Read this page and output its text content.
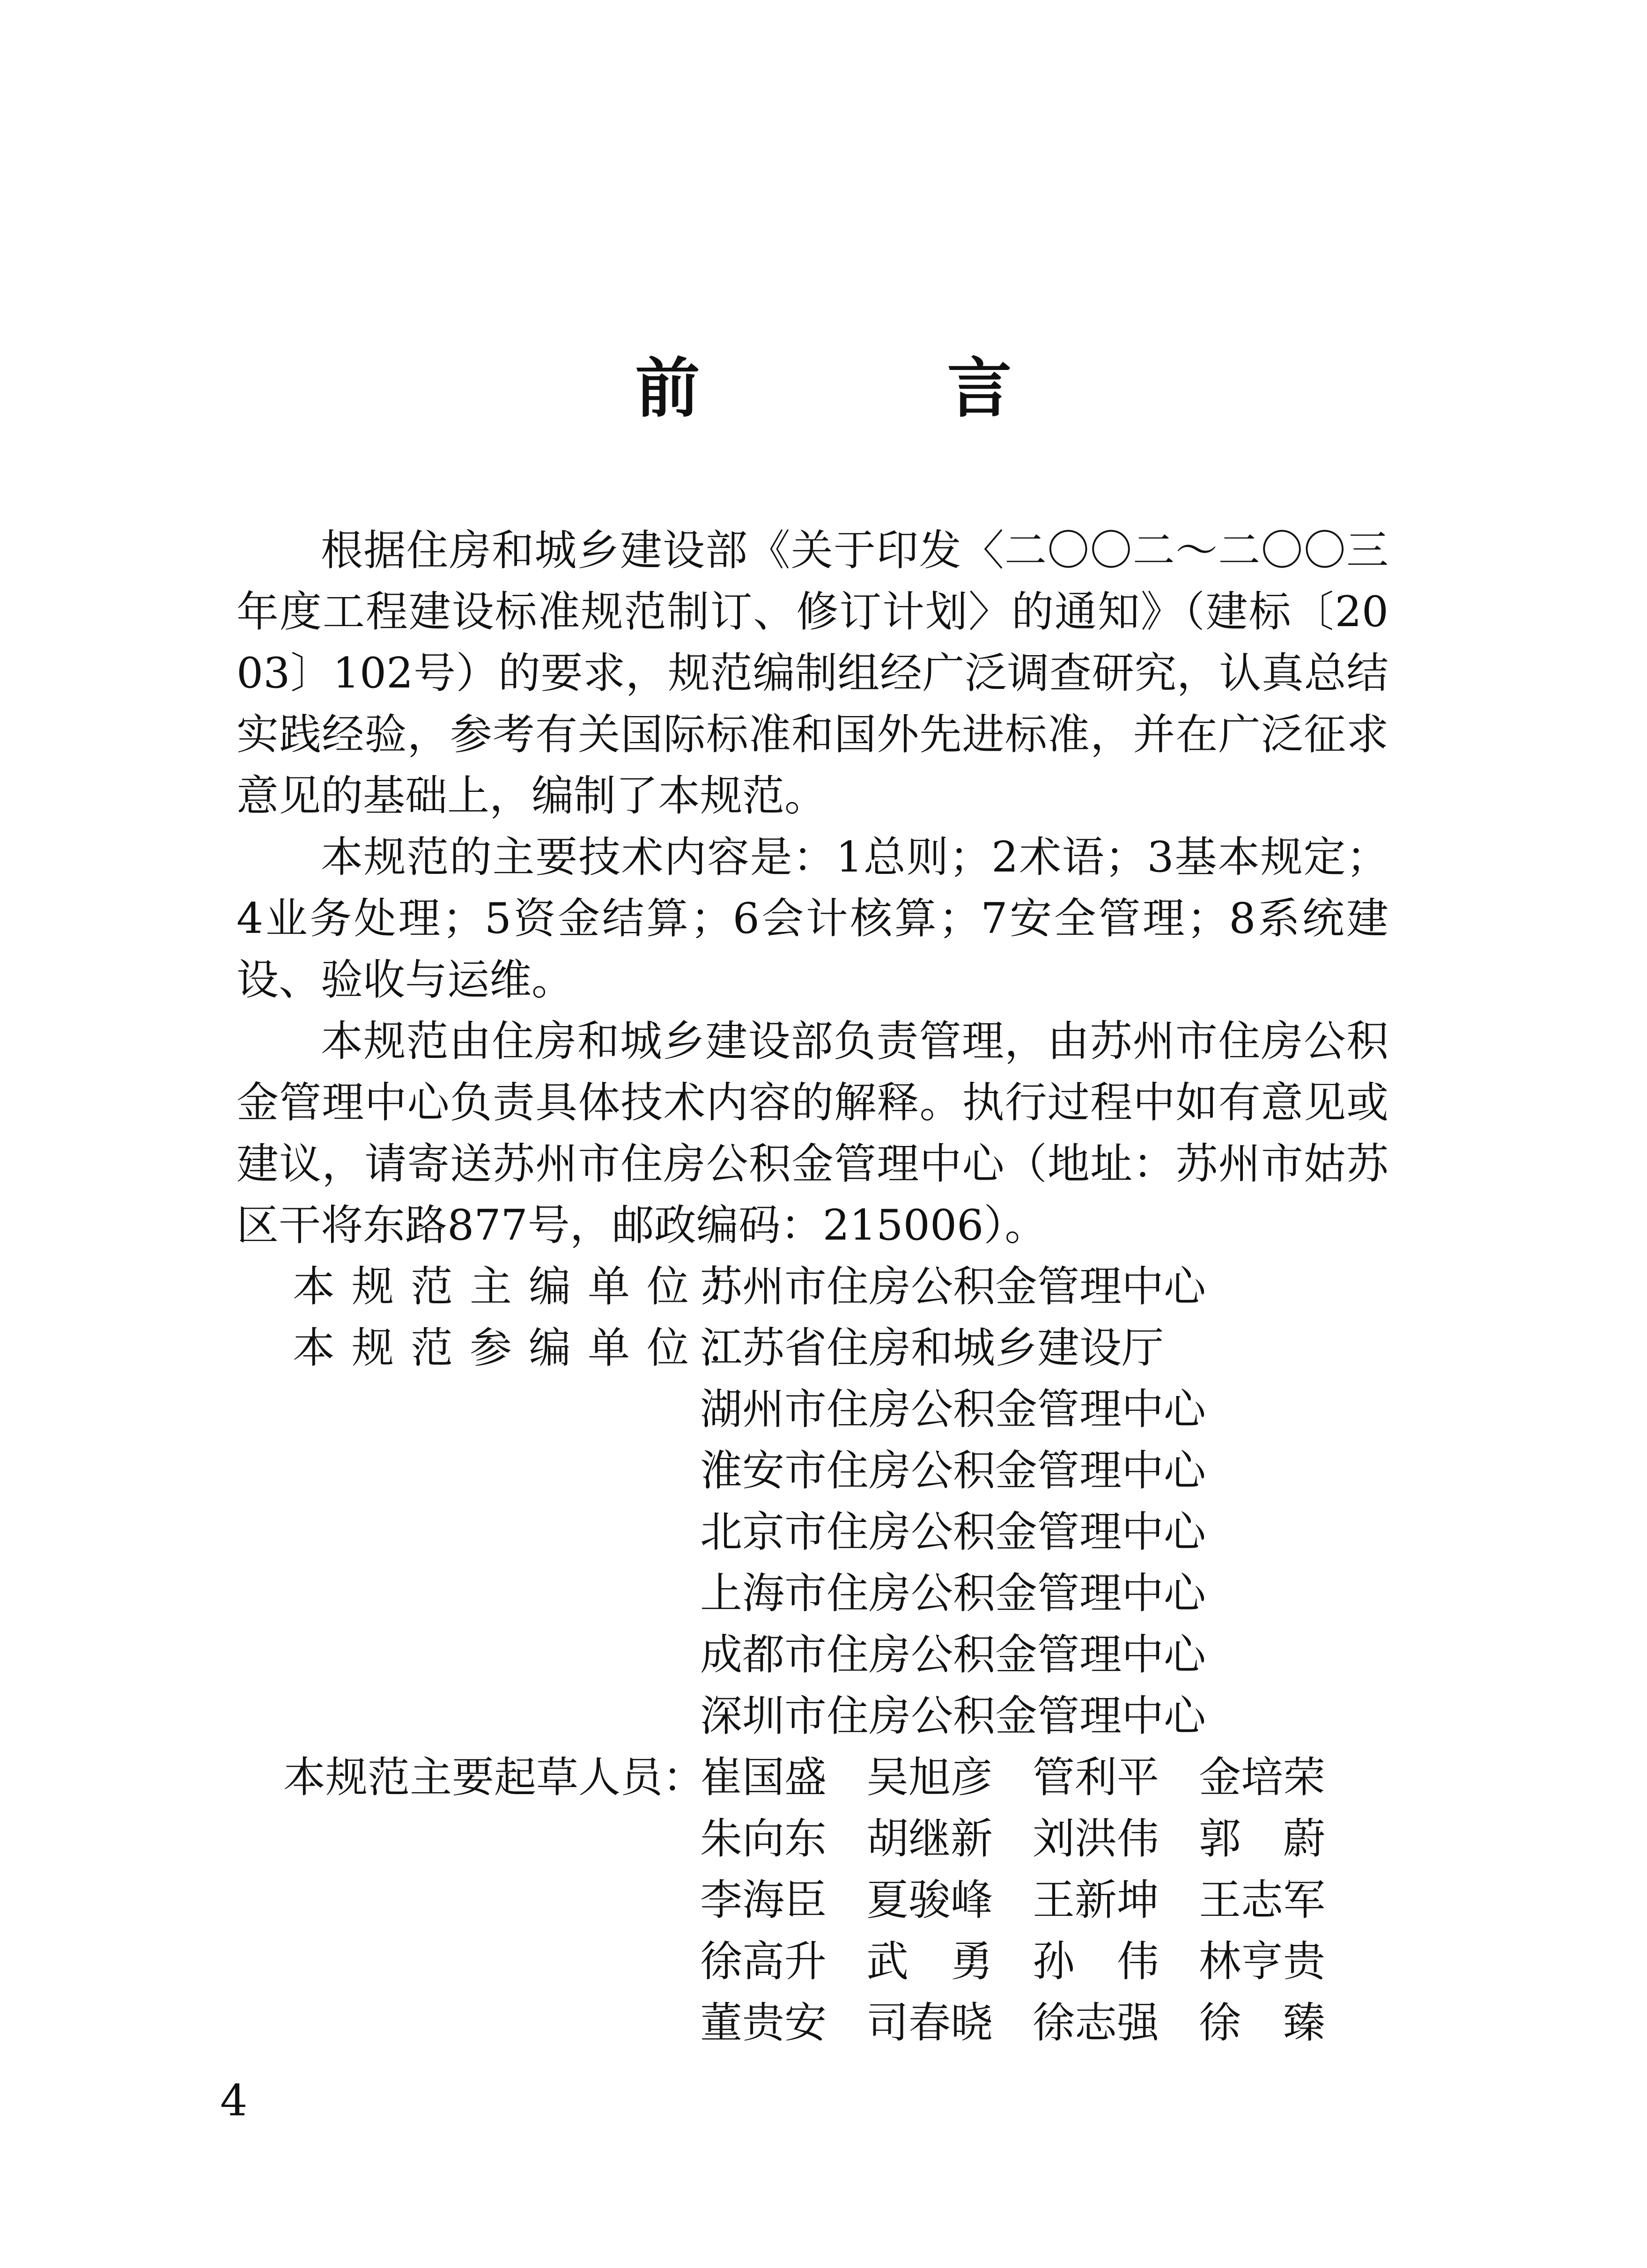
前 言

根据住房和城乡建设部《关于印发〈二〇〇二～二〇〇三年度工程建设标准规范制订、修订计划〉的通知》（建标〔2003〕102号）的要求，规范编制组经广泛调查研究，认真总结实践经验，参考有关国际标准和国外先进标准，并在广泛征求意见的基础上，编制了本规范。

本规范的主要技术内容是：1总则；2术语；3基本规定；4业务处理；5资金结算；6会计核算；7安全管理；8系统建设、验收与运维。

本规范由住房和城乡建设部负责管理，由苏州市住房公积金管理中心负责具体技术内容的解释。执行过程中如有意见或建议，请寄送苏州市住房公积金管理中心（地址：苏州市姑苏区干将东路877号，邮政编码：215006）。

本规范主编单位：
苏州市住房公积金管理中心
本规范参编单位：
江苏省住房和城乡建设厅
湖州市住房公积金管理中心
淮安市住房公积金管理中心
北京市住房公积金管理中心
上海市住房公积金管理中心
成都市住房公积金管理中心
深圳市住房公积金管理中心
本规范主要起草人员：
崔国盛 吴旭彦 管利平 金培荣
朱向东 胡继新 刘洪伟 郭　蔚
李海臣 夏骏峰 王新坤 王志军
徐高升 武　勇 孙　伟 林亨贵
董贵安 司春晓 徐志强 徐　臻
4
